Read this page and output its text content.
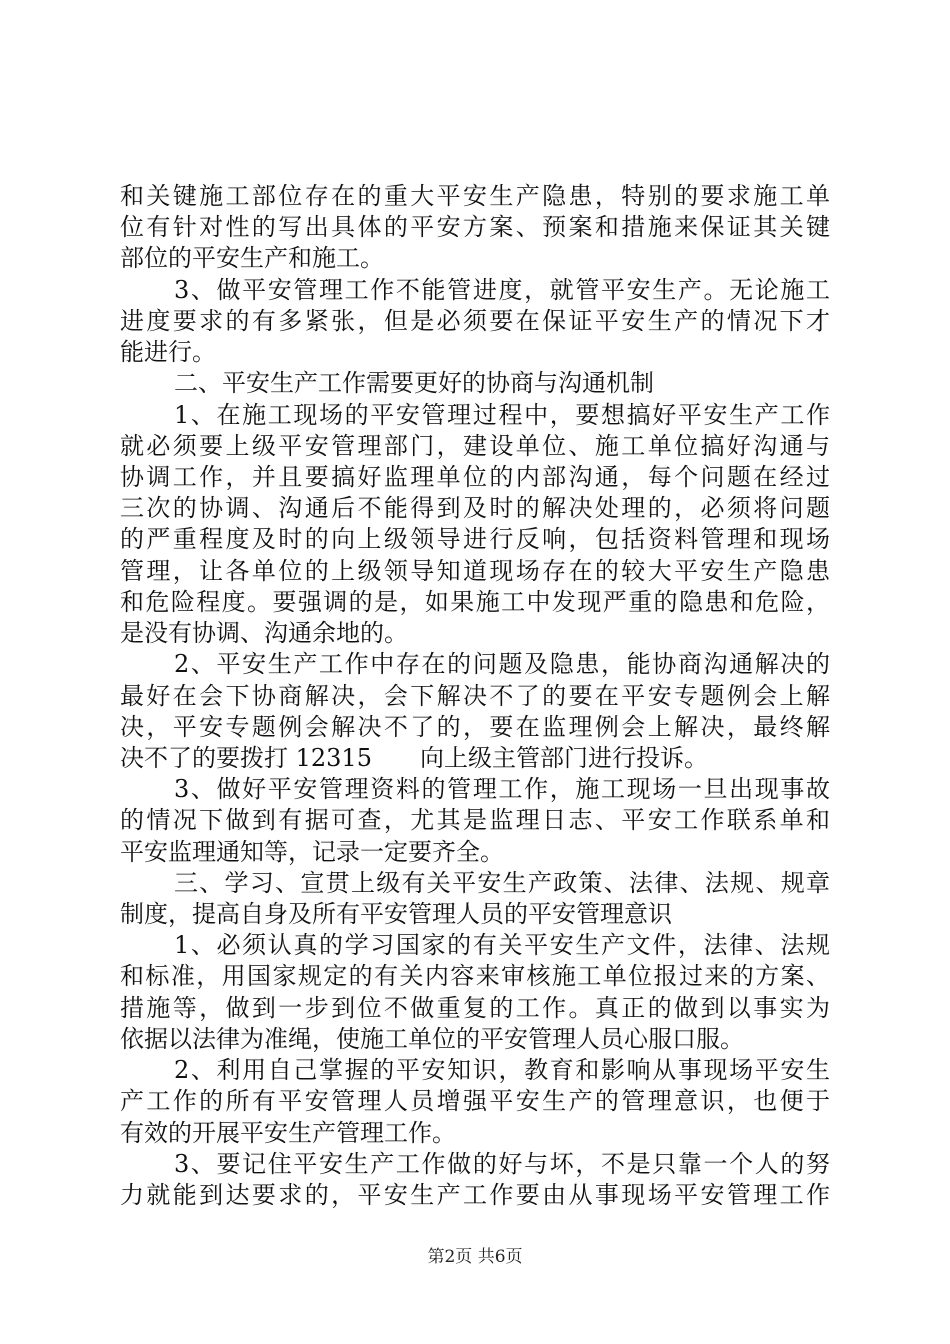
和关键施工部位存在的重大平安生产隐患，特别的要求施工单
位有针对性的写出具体的平安方案、预案和措施来保证其关键
部位的平安生产和施工。
3、做平安管理工作不能管进度，就管平安生产。无论施工
进度要求的有多紧张，但是必须要在保证平安生产的情况下才
能进行。
二、平安生产工作需要更好的协商与沟通机制
1、在施工现场的平安管理过程中，要想搞好平安生产工作
就必须要上级平安管理部门，建设单位、施工单位搞好沟通与
协调工作，并且要搞好监理单位的内部沟通，每个问题在经过
三次的协调、沟通后不能得到及时的解决处理的，必须将问题
的严重程度及时的向上级领导进行反响，包括资料管理和现场
管理，让各单位的上级领导知道现场存在的较大平安生产隐患
和危险程度。要强调的是，如果施工中发现严重的隐患和危险，
是没有协调、沟通余地的。
2、平安生产工作中存在的问题及隐患，能协商沟通解决的
最好在会下协商解决，会下解决不了的要在平安专题例会上解
决，平安专题例会解决不了的，要在监理例会上解决，最终解
决不了的要拨打 12315　　向上级主管部门进行投诉。
3、做好平安管理资料的管理工作，施工现场一旦出现事故
的情况下做到有据可查，尤其是监理日志、平安工作联系单和
平安监理通知等，记录一定要齐全。
三、学习、宣贯上级有关平安生产政策、法律、法规、规章
制度，提高自身及所有平安管理人员的平安管理意识
1、必须认真的学习国家的有关平安生产文件，法律、法规
和标准，用国家规定的有关内容来审核施工单位报过来的方案、
措施等，做到一步到位不做重复的工作。真正的做到以事实为
依据以法律为准绳，使施工单位的平安管理人员心服口服。
2、利用自己掌握的平安知识，教育和影响从事现场平安生
产工作的所有平安管理人员增强平安生产的管理意识，也便于
有效的开展平安生产管理工作。
3、要记住平安生产工作做的好与坏，不是只靠一个人的努
力就能到达要求的，平安生产工作要由从事现场平安管理工作
第2页 共6页
